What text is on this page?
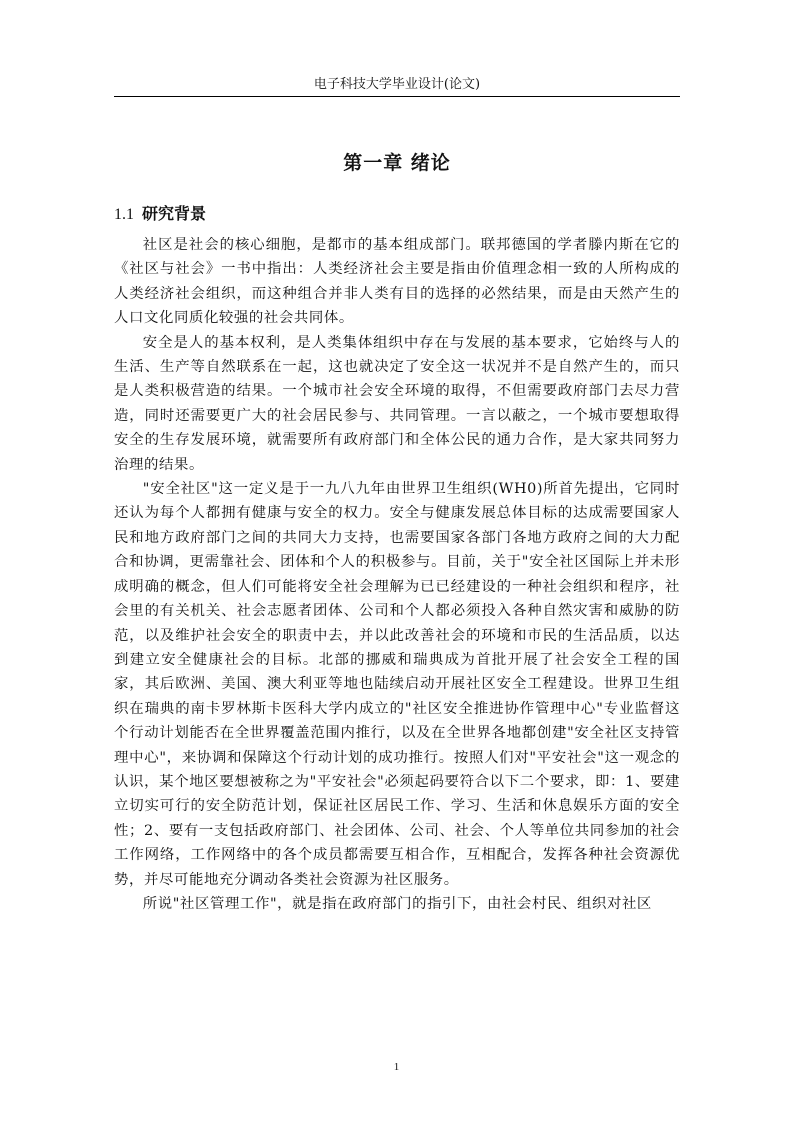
电子科技大学毕业设计(论文)
第一章 绪论
1.1 研究背景

社区是社会的核心细胞，是都市的基本组成部门。联邦德国的学者滕内斯在它的《社区与社会》一书中指出：人类经济社会主要是指由价值理念相一致的人所构成的人类经济社会组织，而这种组合并非人类有目的选择的必然结果，而是由天然产生的人口文化同质化较强的社会共同体。

安全是人的基本权利，是人类集体组织中存在与发展的基本要求，它始终与人的生活、生产等自然联系在一起，这也就决定了安全这一状况并不是自然产生的，而只是人类积极营造的结果。一个城市社会安全环境的取得，不但需要政府部门去尽力营造，同时还需要更广大的社会居民参与、共同管理。一言以蔽之，一个城市要想取得安全的生存发展环境，就需要所有政府部门和全体公民的通力合作，是大家共同努力治理的结果。

"安全社区"这一定义是于一九八九年由世界卫生组织(WH0)所首先提出，它同时还认为每个人都拥有健康与安全的权力。安全与健康发展总体目标的达成需要国家人民和地方政府部门之间的共同大力支持，也需要国家各部门各地方政府之间的大力配合和协调，更需靠社会、团体和个人的积极参与。目前，关于"安全社区国际上并未形成明确的概念，但人们可能将安全社会理解为已已经建设的一种社会组织和程序，社会里的有关机关、社会志愿者团体、公司和个人都必须投入各种自然灾害和威胁的防范，以及维护社会安全的职责中去，并以此改善社会的环境和市民的生活品质，以达到建立安全健康社会的目标。北部的挪威和瑞典成为首批开展了社会安全工程的国家，其后欧洲、美国、澳大利亚等地也陆续启动开展社区安全工程建设。世界卫生组织在瑞典的南卡罗林斯卡医科大学内成立的"社区安全推进协作管理中心"专业监督这个行动计划能否在全世界覆盖范围内推行，以及在全世界各地都创建"安全社区支持管理中心"，来协调和保障这个行动计划的成功推行。按照人们对"平安社会"这一观念的认识，某个地区要想被称之为"平安社会"必须起码要符合以下二个要求，即：1、要建立切实可行的安全防范计划，保证社区居民工作、学习、生活和休息娱乐方面的安全性；2、要有一支包括政府部门、社会团体、公司、社会、个人等单位共同参加的社会工作网络，工作网络中的各个成员都需要互相合作，互相配合，发挥各种社会资源优势，并尽可能地充分调动各类社会资源为社区服务。

所说"社区管理工作"，就是指在政府部门的指引下，由社会村民、组织对社区

1
